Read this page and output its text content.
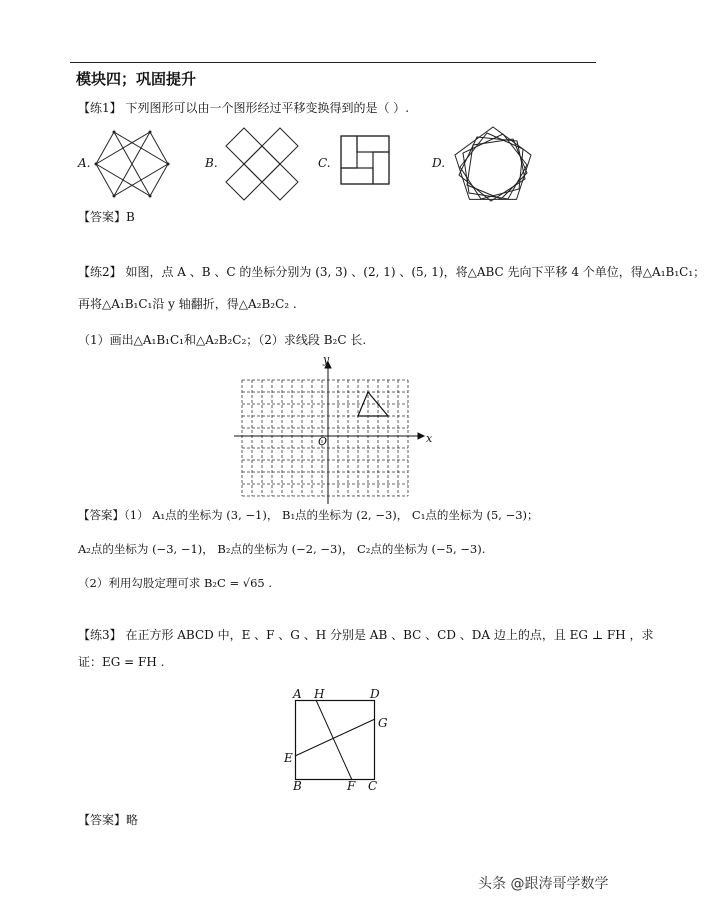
模块四；巩固提升
【练1】 下列图形可以由一个图形经过平移变换得到的是（ ）.
A.	B.	C.	D.
【答案】B
【练2】 如图，点 A 、B 、C 的坐标分别为 (3, 3) 、(2, 1) 、(5, 1)，将△ABC 先向下平移 4 个单位，得△A₁B₁C₁；
再将△A₁B₁C₁沿 y 轴翻折，得△A₂B₂C₂ .
（1）画出△A₁B₁C₁和△A₂B₂C₂；（2）求线段 B₂C 长.
y
x
O
【答案】（1） A₁点的坐标为 (3, −1)， B₁点的坐标为 (2, −3)， C₁点的坐标为 (5, −3)；
A₂点的坐标为 (−3, −1)， B₂点的坐标为 (−2, −3)， C₂点的坐标为 (−5, −3).
（2）利用勾股定理可求 B₂C = √65 .
【练3】 在正方形 ABCD 中，E 、F 、G 、H 分别是 AB 、BC 、CD 、DA 边上的点，且 EG ⊥ FH ，求
证：EG = FH .
A H	D
G
E
B	F C
【答案】略
头条 @跟涛哥学数学
